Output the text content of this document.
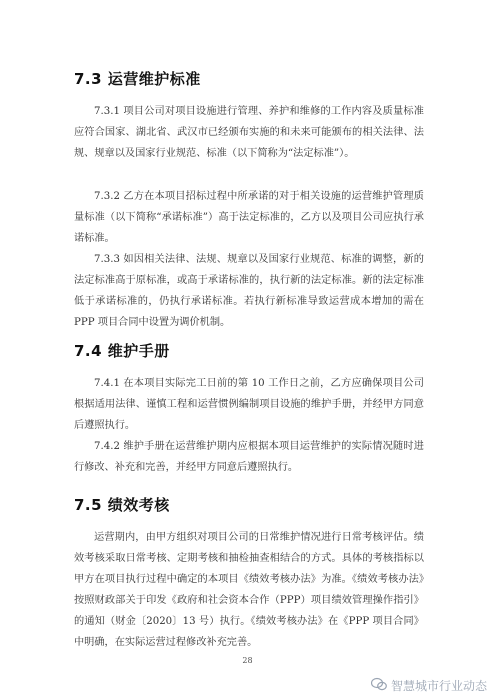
7.3 运营维护标准

7.3.1 项目公司对项目设施进行管理、养护和维修的工作内容及质量标准应符合国家、湖北省、武汉市已经颁布实施的和未来可能颁布的相关法律、法规、规章以及国家行业规范、标准（以下简称为“法定标准”）。

7.3.2 乙方在本项目招标过程中所承诺的对于相关设施的运营维护管理质量标准（以下简称“承诺标准”）高于法定标准的，乙方以及项目公司应执行承诺标准。

7.3.3 如因相关法律、法规、规章以及国家行业规范、标准的调整，新的法定标准高于原标准，或高于承诺标准的，执行新的法定标准。新的法定标准低于承诺标准的，仍执行承诺标准。若执行新标准导致运营成本增加的需在 PPP 项目合同中设置为调价机制。

7.4 维护手册

7.4.1 在本项目实际完工日前的第 10 工作日之前，乙方应确保项目公司根据适用法律、谨慎工程和运营惯例编制项目设施的维护手册，并经甲方同意后遵照执行。

7.4.2 维护手册在运营维护期内应根据本项目运营维护的实际情况随时进行修改、补充和完善，并经甲方同意后遵照执行。

7.5 绩效考核

运营期内，由甲方组织对项目公司的日常维护情况进行日常考核评估。绩效考核采取日常考核、定期考核和抽检抽查相结合的方式。具体的考核指标以甲方在项目执行过程中确定的本项目《绩效考核办法》为准。《绩效考核办法》按照财政部关于印发《政府和社会资本合作（PPP）项目绩效管理操作指引》的通知（财金〔2020〕13 号）执行。《绩效考核办法》在《PPP 项目合同》中明确，在实际运营过程修改补充完善。

28
智慧城市行业动态
